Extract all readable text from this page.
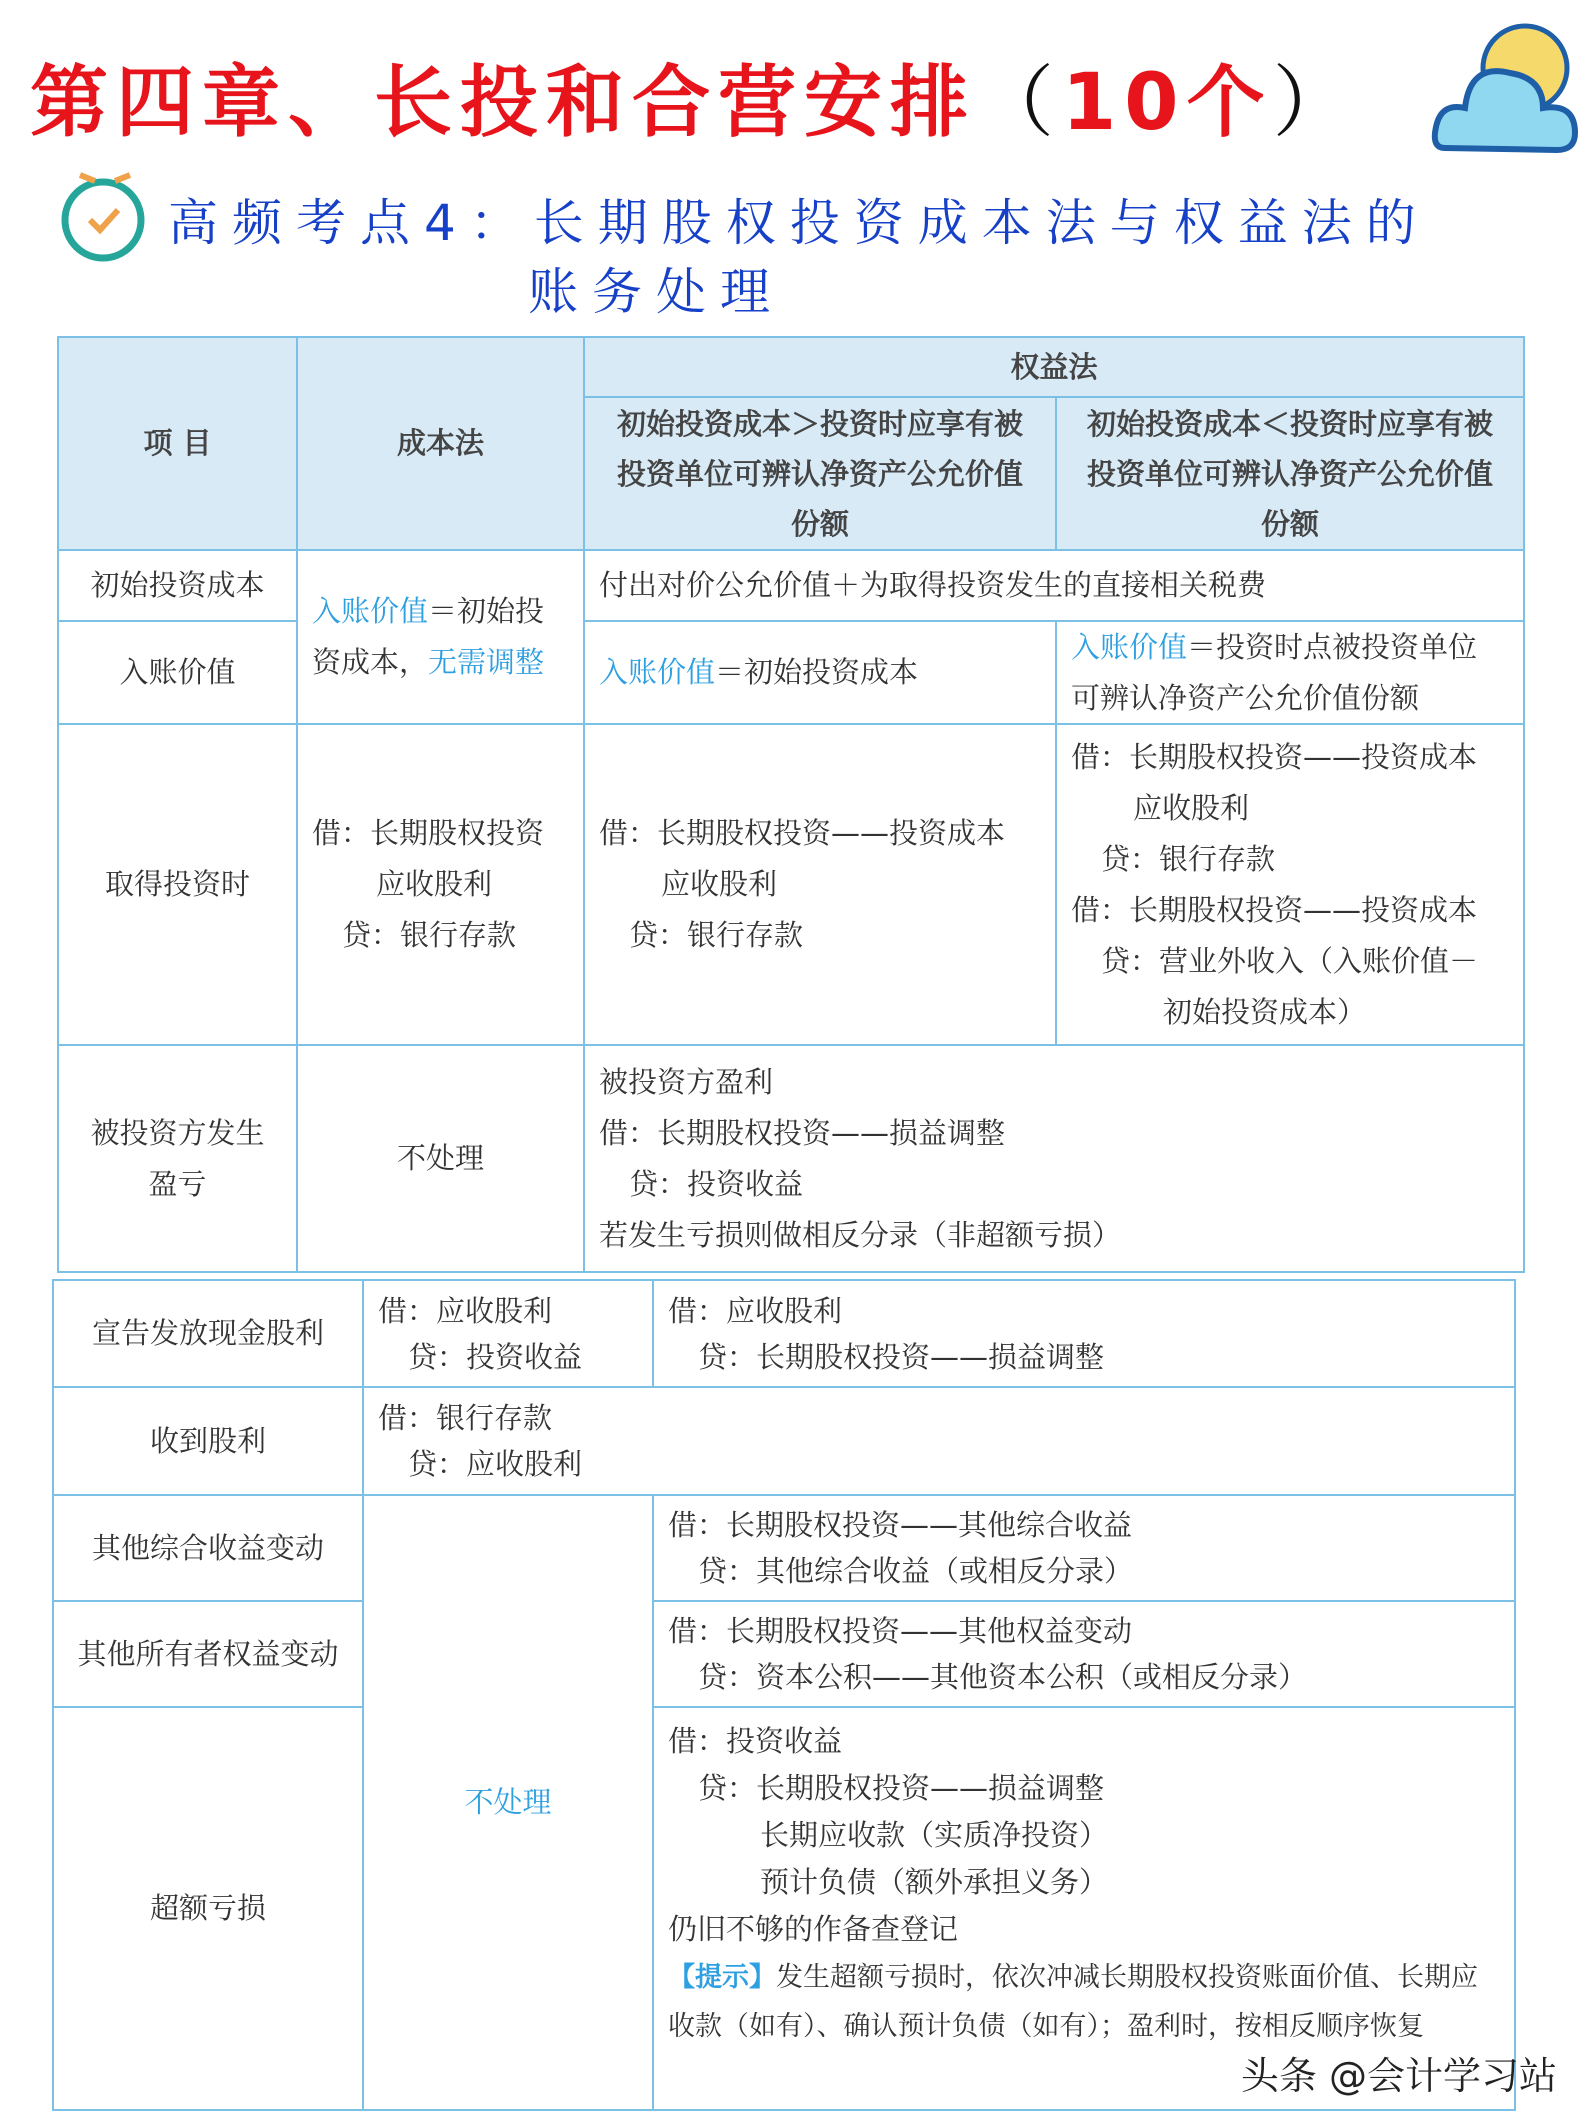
第四章、长投和合营安排（10个）
高频考点4：长期股权投资成本法与权益法的
账务处理
项 目	成本法
权益法
初始投资成本＞投资时应享有被
投资单位可辨认净资产公允价值
份额
初始投资成本＜投资时应享有被
投资单位可辨认净资产公允价值
份额
初始投资成本
入账价值
入账价值＝初始投
资成本，无需调整
付出对价公允价值＋为取得投资发生的直接相关税费
入账价值＝初始投资成本
入账价值＝投资时点被投资单位
可辨认净资产公允价值份额
取得投资时
借：长期股权投资
应收股利
贷：银行存款
借：长期股权投资——投资成本
应收股利
贷：银行存款
借：长期股权投资——投资成本
应收股利
贷：银行存款
借：长期股权投资——投资成本
贷：营业外收入（入账价值－
初始投资成本）
被投资方发生
盈亏
不处理
被投资方盈利
借：长期股权投资——损益调整
贷：投资收益
若发生亏损则做相反分录（非超额亏损）
宣告发放现金股利
借：应收股利
贷：投资收益
借：应收股利
贷：长期股权投资——损益调整
收到股利
借：银行存款
贷：应收股利
其他综合收益变动
其他所有者权益变动
超额亏损
不处理
借：长期股权投资——其他综合收益
贷：其他综合收益（或相反分录）
借：长期股权投资——其他权益变动
贷：资本公积——其他资本公积（或相反分录）
借：投资收益
贷：长期股权投资——损益调整
长期应收款（实质净投资）
预计负债（额外承担义务）
仍旧不够的作备查登记
【提示】发生超额亏损时，依次冲减长期股权投资账面价值、长期应收款（如有）、确认预计负债（如有）；盈利时，按相反顺序恢复
头条 @会计学习站
